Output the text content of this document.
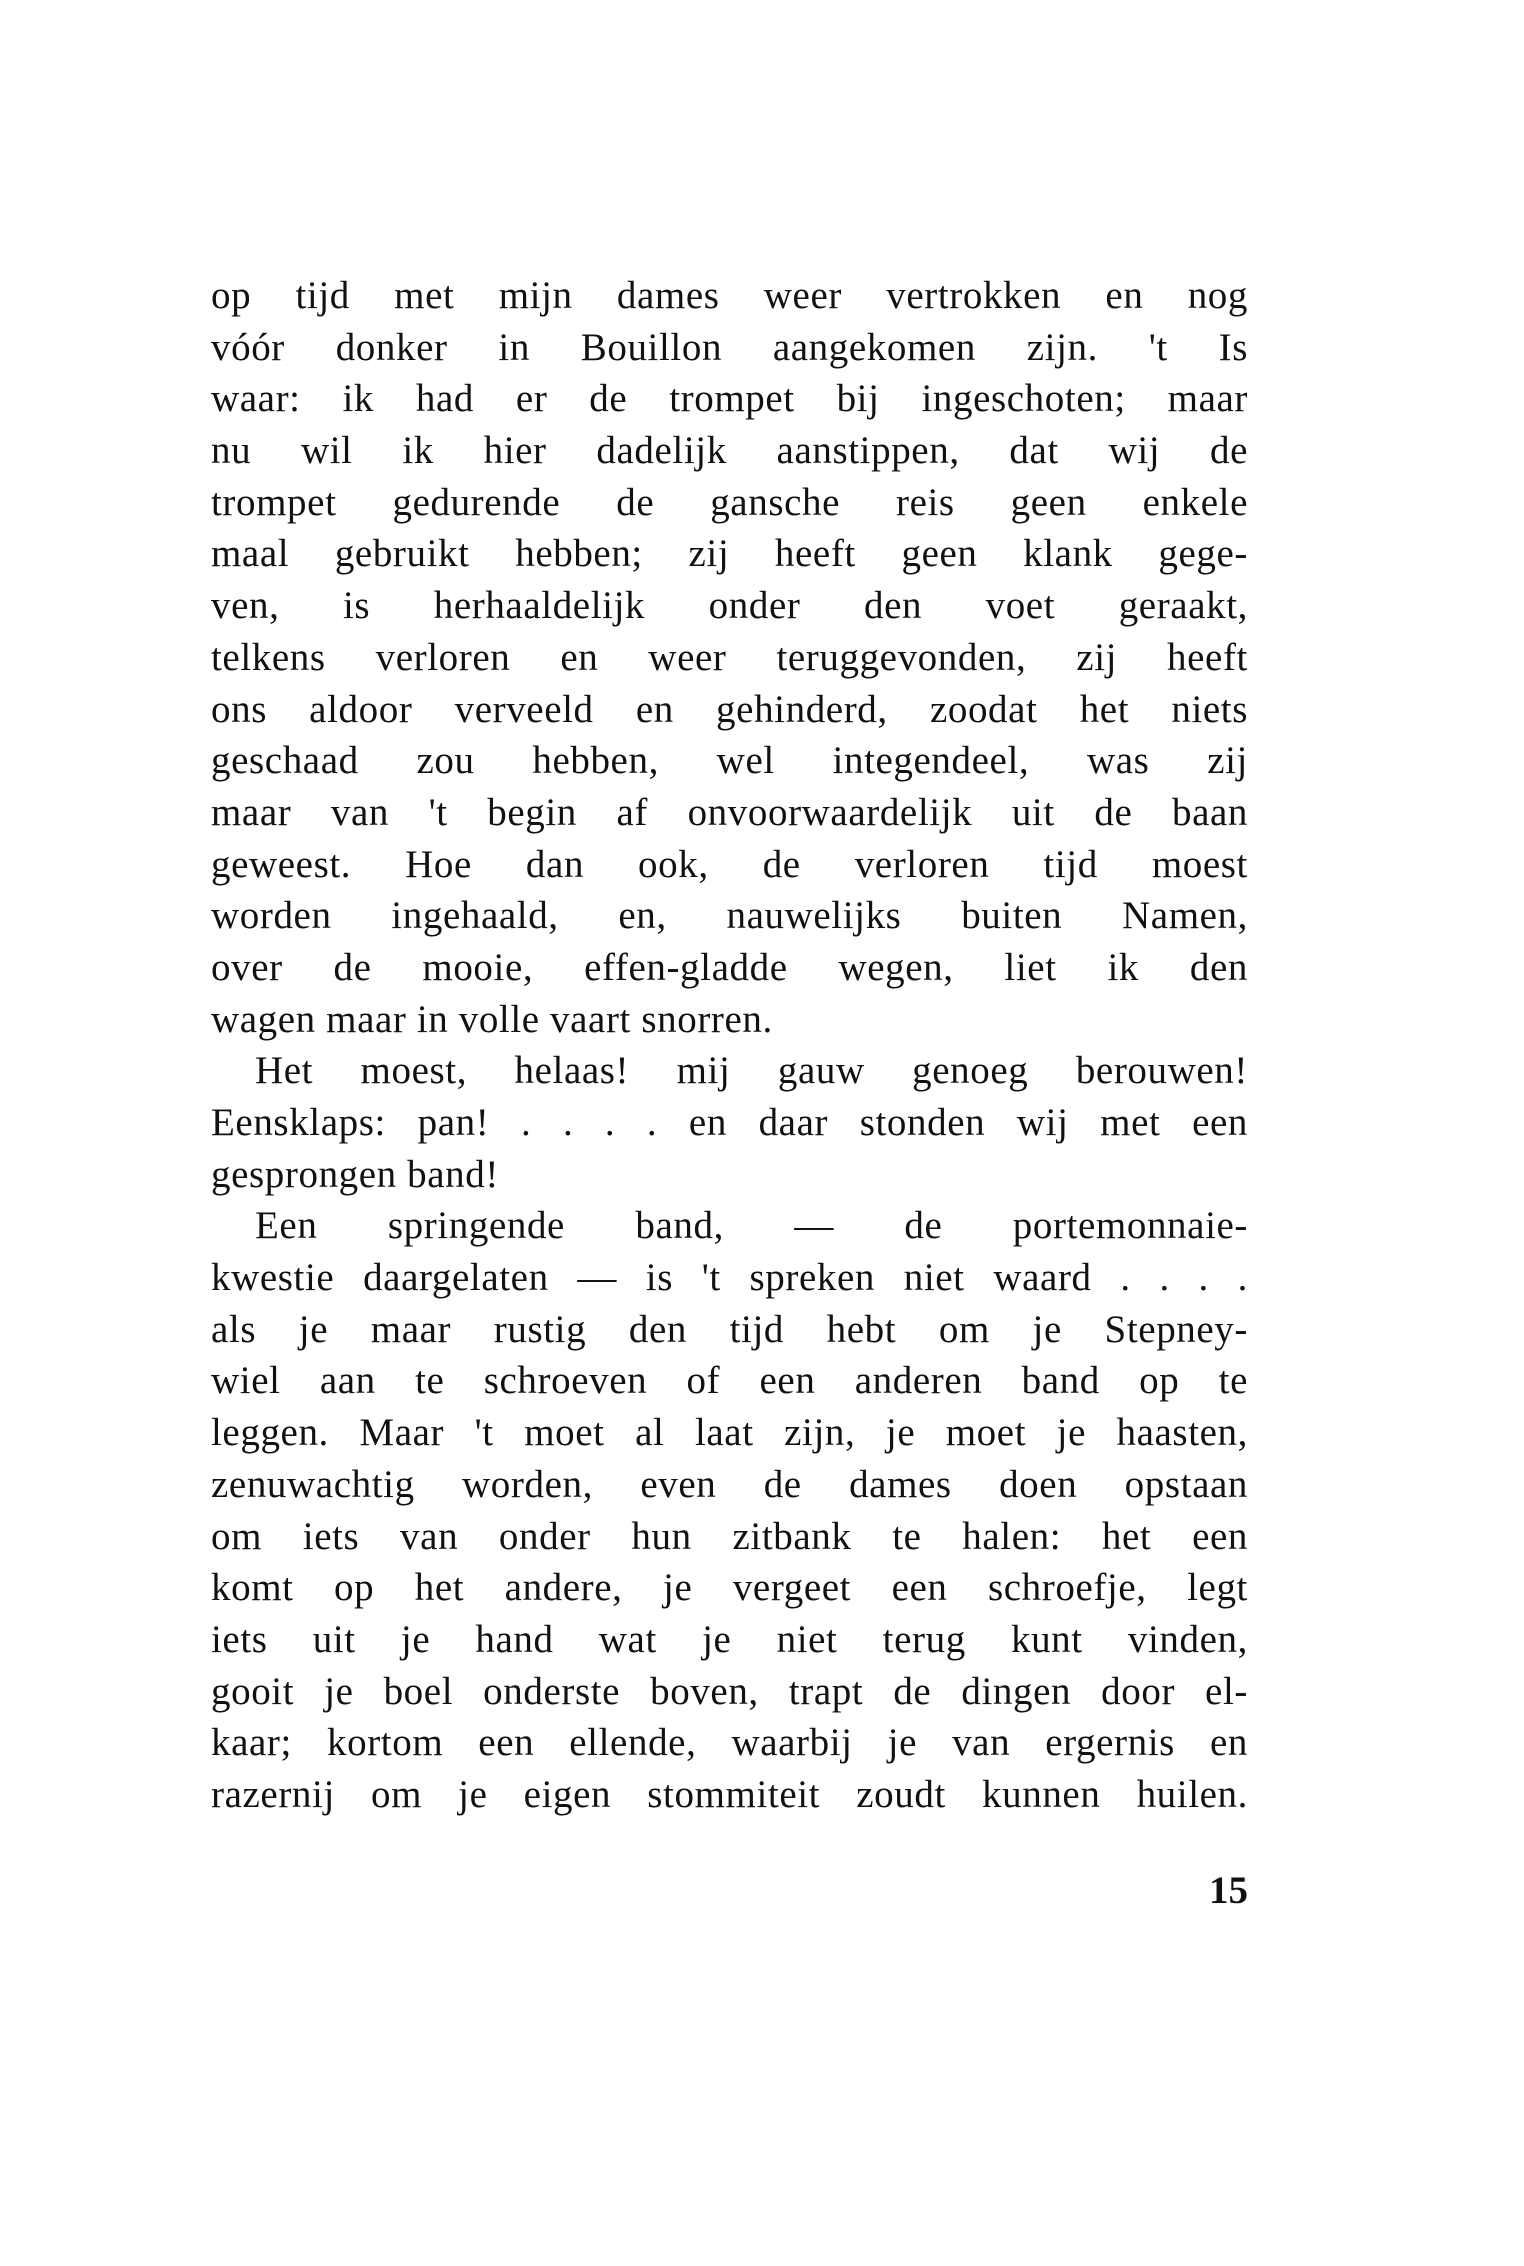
op tijd met mijn dames weer vertrokken en nog
vóór donker in Bouillon aangekomen zijn. 't Is
waar: ik had er de trompet bij ingeschoten; maar
nu wil ik hier dadelijk aanstippen, dat wij de
trompet gedurende de gansche reis geen enkele
maal gebruikt hebben; zij heeft geen klank gege-
ven, is herhaaldelijk onder den voet geraakt,
telkens verloren en weer teruggevonden, zij heeft
ons aldoor verveeld en gehinderd, zoodat het niets
geschaad zou hebben, wel integendeel, was zij
maar van 't begin af onvoorwaardelijk uit de baan
geweest. Hoe dan ook, de verloren tijd moest
worden ingehaald, en, nauwelijks buiten Namen,
over de mooie, effen-gladde wegen, liet ik den
wagen maar in volle vaart snorren.
Het moest, helaas! mij gauw genoeg berouwen!
Eensklaps: pan! . . . . en daar stonden wij met een
gesprongen band!
Een springende band, — de portemonnaie-
kwestie daargelaten — is 't spreken niet waard . . . .
als je maar rustig den tijd hebt om je Stepney-
wiel aan te schroeven of een anderen band op te
leggen. Maar 't moet al laat zijn, je moet je haasten,
zenuwachtig worden, even de dames doen opstaan
om iets van onder hun zitbank te halen: het een
komt op het andere, je vergeet een schroefje, legt
iets uit je hand wat je niet terug kunt vinden,
gooit je boel onderste boven, trapt de dingen door el-
kaar; kortom een ellende, waarbij je van ergernis en
razernij om je eigen stommiteit zoudt kunnen huilen.
15
